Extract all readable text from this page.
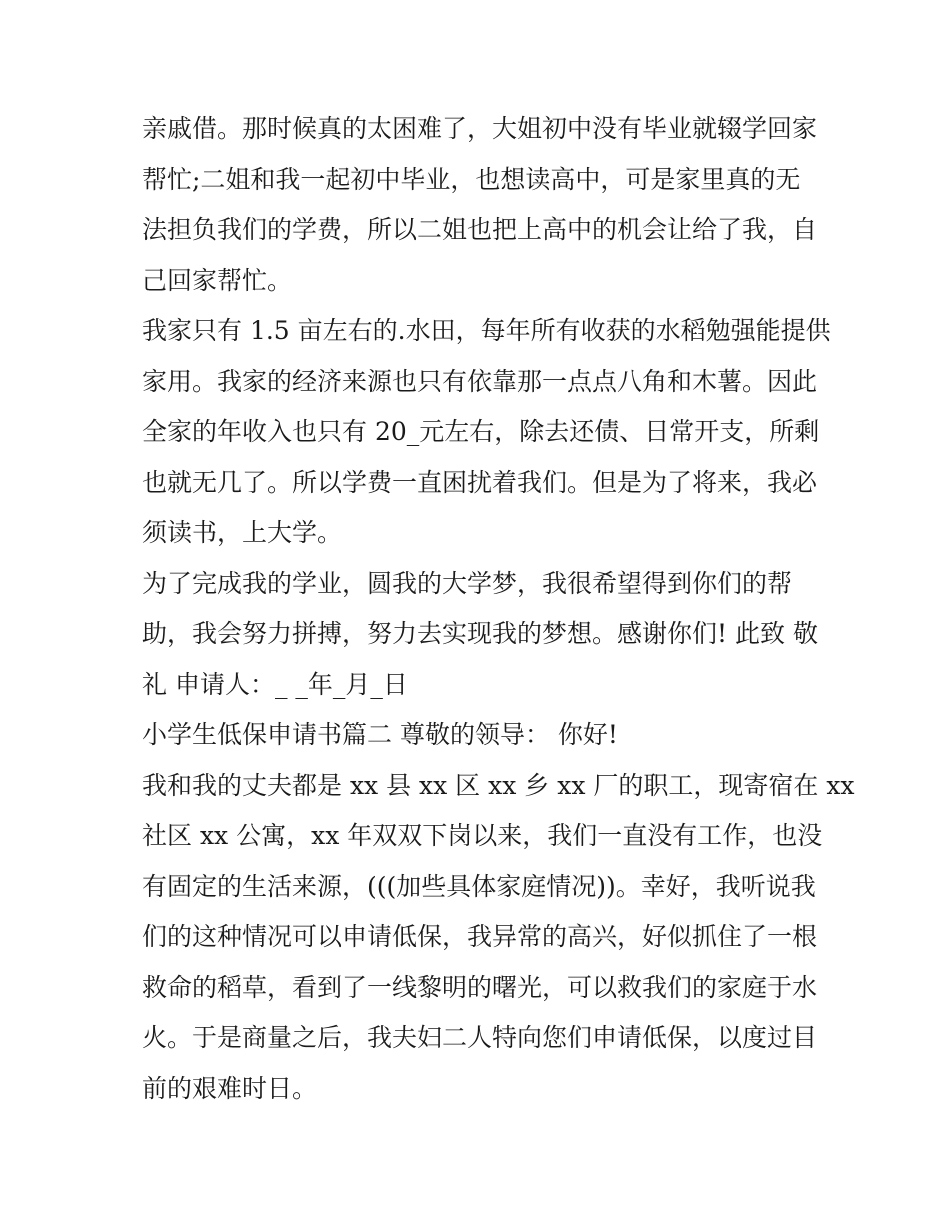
亲戚借。那时候真的太困难了，大姐初中没有毕业就辍学回家
帮忙;二姐和我一起初中毕业，也想读高中，可是家里真的无
法担负我们的学费，所以二姐也把上高中的机会让给了我，自
己回家帮忙。
我家只有 1.5 亩左右的.水田，每年所有收获的水稻勉强能提供
家用。我家的经济来源也只有依靠那一点点八角和木薯。因此
全家的年收入也只有 20_元左右，除去还债、日常开支，所剩
也就无几了。所以学费一直困扰着我们。但是为了将来，我必
须读书，上大学。
为了完成我的学业，圆我的大学梦，我很希望得到你们的帮
助，我会努力拼搏，努力去实现我的梦想。感谢你们! 此致 敬
礼 申请人：_ _年_月_日
小学生低保申请书篇二 尊敬的领导： 你好!
我和我的丈夫都是 xx 县 xx 区 xx 乡 xx 厂的职工，现寄宿在 xx
社区 xx 公寓，xx 年双双下岗以来，我们一直没有工作，也没
有固定的生活来源，(((加些具体家庭情况))。幸好，我听说我
们的这种情况可以申请低保，我异常的高兴，好似抓住了一根
救命的稻草，看到了一线黎明的曙光，可以救我们的家庭于水
火。于是商量之后，我夫妇二人特向您们申请低保，以度过目
前的艰难时日。
